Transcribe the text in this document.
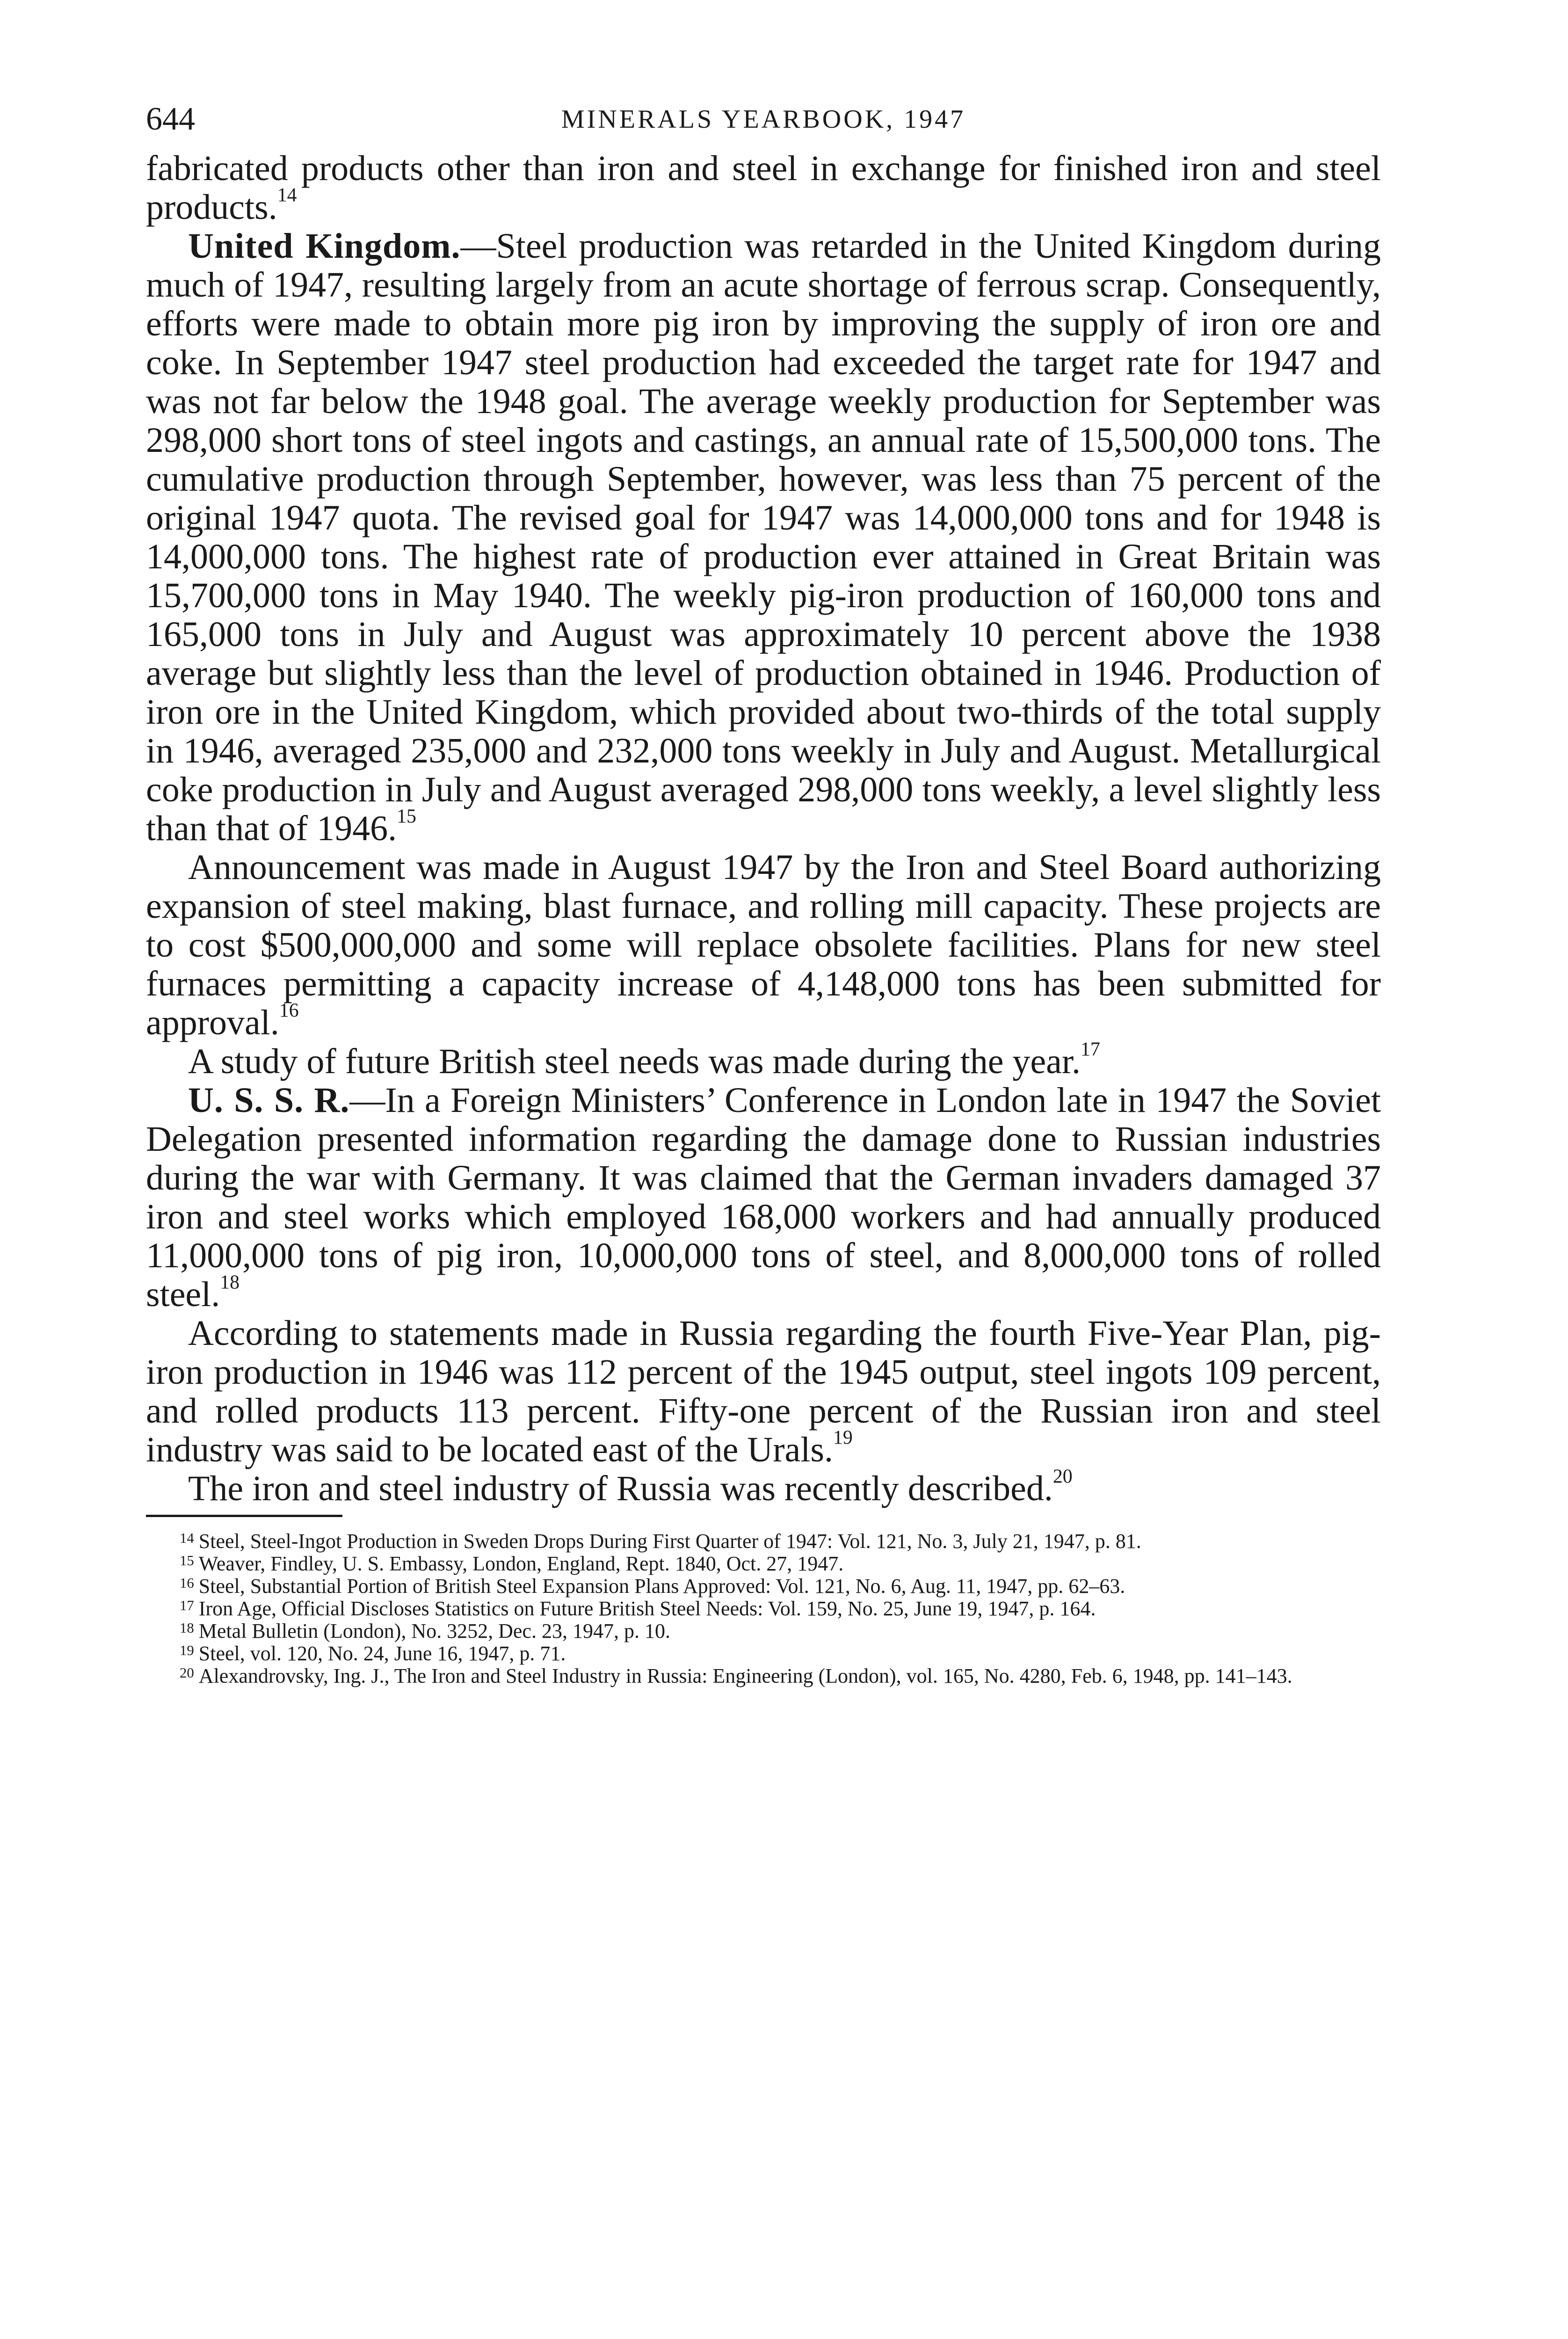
644	MINERALS YEARBOOK, 1947

fabricated products other than iron and steel in exchange for finished iron and steel products.$^{14}$

United Kingdom.—Steel production was retarded in the United Kingdom during much of 1947, resulting largely from an acute shortage of ferrous scrap. Consequently, efforts were made to obtain more pig iron by improving the supply of iron ore and coke. In September 1947 steel production had exceeded the target rate for 1947 and was not far below the 1948 goal. The average weekly production for September was 298,000 short tons of steel ingots and castings, an annual rate of 15,500,000 tons. The cumulative production through September, however, was less than 75 percent of the original 1947 quota. The revised goal for 1947 was 14,000,000 tons and for 1948 is 14,000,000 tons. The highest rate of production ever attained in Great Britain was 15,700,000 tons in May 1940. The weekly pig-iron production of 160,000 tons and 165,000 tons in July and August was approximately 10 percent above the 1938 average but slightly less than the level of production obtained in 1946. Production of iron ore in the United Kingdom, which provided about two-thirds of the total supply in 1946, averaged 235,000 and 232,000 tons weekly in July and August. Metallurgical coke production in July and August averaged 298,000 tons weekly, a level slightly less than that of 1946.15

Announcement was made in August 1947 by the Iron and Steel Board authorizing expansion of steel making, blast furnace, and rolling mill capacity. These projects are to cost $500,000,000 and some will replace obsolete facilities. Plans for new steel furnaces permitting a capacity increase of 4,148,000 tons has been submitted for approval.$^{16}$

A study of future British steel needs was made during the year.$^{17}$

U. S. S. R.—In a Foreign Ministers’ Conference in London late in 1947 the Soviet Delegation presented information regarding the damage done to Russian industries during the war with Germany. It was claimed that the German invaders damaged 37 iron and steel works which employed 168,000 workers and had annually produced 11,000,000 tons of pig iron, 10,000,000 tons of steel, and 8,000,000 tons of rolled steel.$^{18}$

According to statements made in Russia regarding the fourth Five-Year Plan, pig-iron production in 1946 was 112 percent of the 1945 output, steel ingots 109 percent, and rolled products 113 percent. Fifty-one percent of the Russian iron and steel industry was said to be located east of the Urals.$^{19}$

The iron and steel industry of Russia was recently described.$^{20}$

$^{14}$ Steel, Steel-Ingot Production in Sweden Drops During First Quarter of 1947: Vol. 121, No. 3, July 21, 1947, p. 81.

$^{15}$ Weaver, Findley, U. S. Embassy, London, England, Rept. 1840, Oct. 27, 1947.

$^{16}$ Steel, Substantial Portion of British Steel Expansion Plans Approved: Vol. 121, No. 6, Aug. 11, 1947, pp. 62–63.

$^{17}$ Iron Age, Official Discloses Statistics on Future British Steel Needs: Vol. 159, No. 25, June 19, 1947, p. 164.

$^{18}$ Metal Bulletin (London), No. 3252, Dec. 23, 1947, p. 10.

$^{19}$ Steel, vol. 120, No. 24, June 16, 1947, p. 71.

$^{20}$ Alexandrovsky, Ing. J., The Iron and Steel Industry in Russia: Engineering (London), vol. 165, No. 4280, Feb. 6, 1948, pp. 141–143.
